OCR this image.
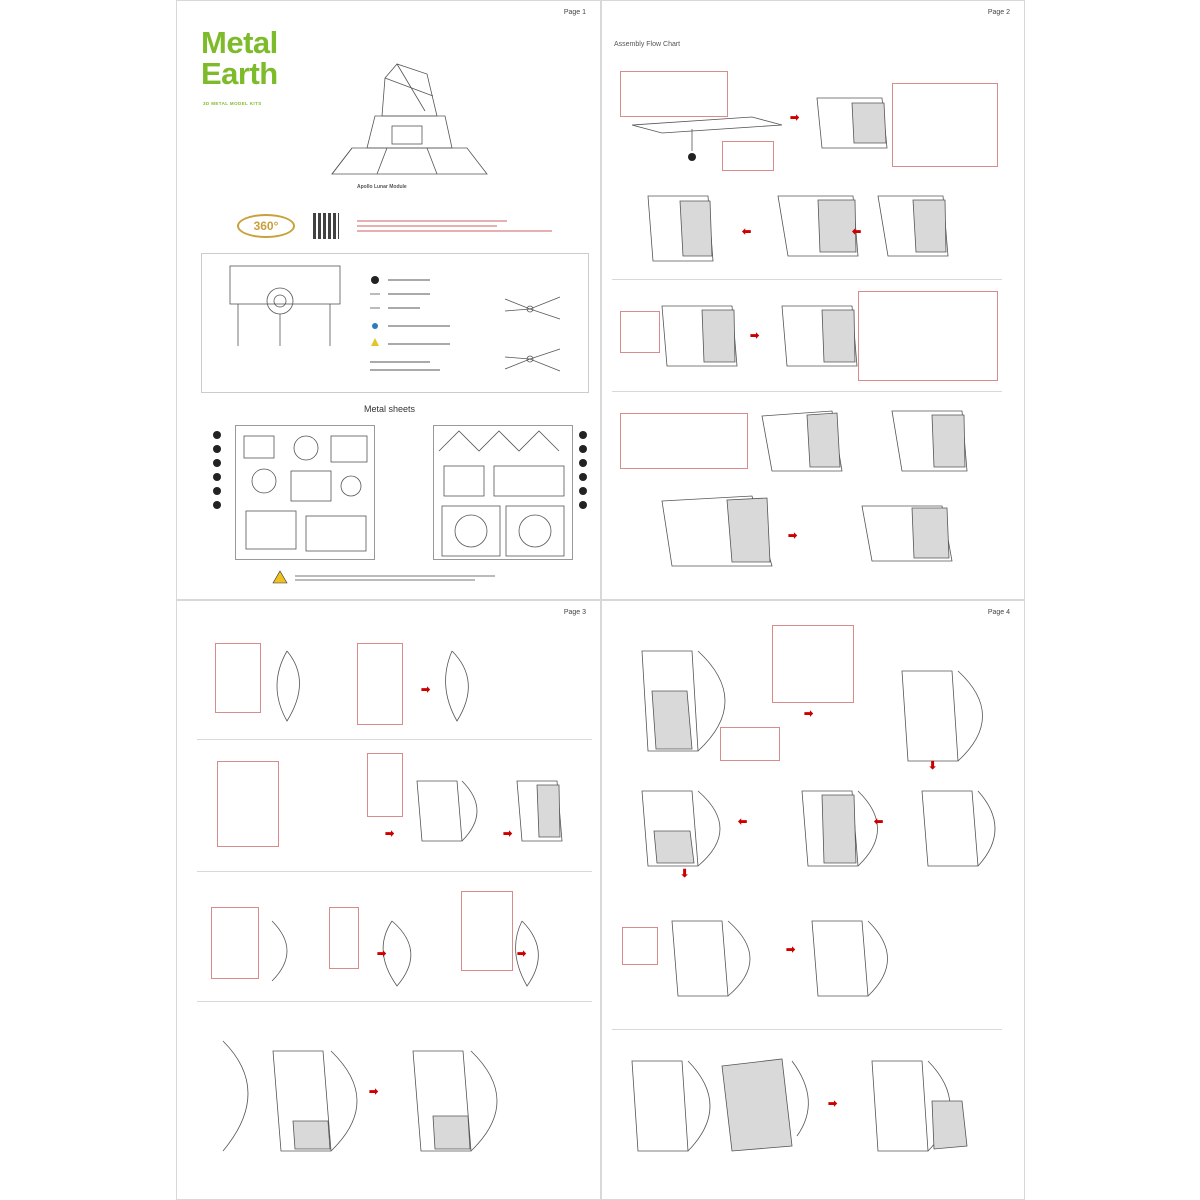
Page 1
Metal
Earth
3D METAL MODEL KITS
Apollo Lunar Module
360°
Metal sheets
Page 2
Assembly Flow Chart
➡
⬅	⬅
➡
➡
Page 3
➡
➡	➡
➡	➡
➡
Page 4
➡
⬇
⬅	⬅
⬇
➡
➡
